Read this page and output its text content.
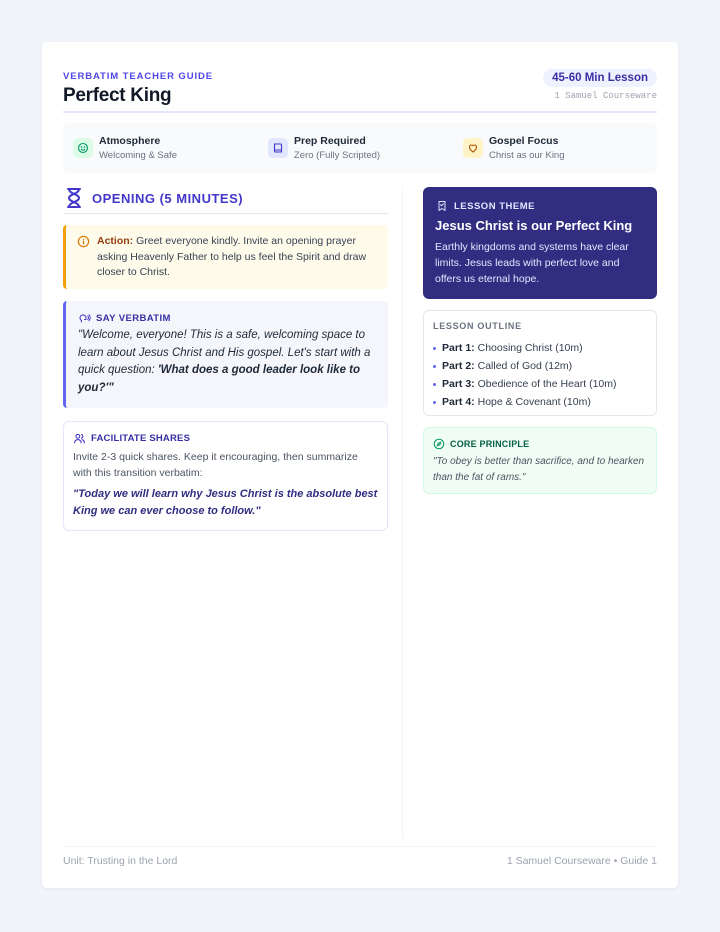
VERBATIM TEACHER GUIDE
Perfect King
45-60 Min Lesson
1 Samuel Courseware
Atmosphere
Welcoming & Safe
Prep Required
Zero (Fully Scripted)
Gospel Focus
Christ as our King
OPENING (5 MINUTES)
Action: Greet everyone kindly. Invite an opening prayer asking Heavenly Father to help us feel the Spirit and draw closer to Christ.
SAY VERBATIM
"Welcome, everyone! This is a safe, welcoming space to learn about Jesus Christ and His gospel. Let's start with a quick question: 'What does a good leader look like to you?'"
FACILITATE SHARES
Invite 2-3 quick shares. Keep it encouraging, then summarize with this transition verbatim:
"Today we will learn why Jesus Christ is the absolute best King we can ever choose to follow."
LESSON THEME
Jesus Christ is our Perfect King
Earthly kingdoms and systems have clear limits. Jesus leads with perfect love and offers us eternal hope.
LESSON OUTLINE
Part 1: Choosing Christ (10m)
Part 2: Called of God (12m)
Part 3: Obedience of the Heart (10m)
Part 4: Hope & Covenant (10m)
CORE PRINCIPLE
"To obey is better than sacrifice, and to hearken than the fat of rams."
Unit: Trusting in the Lord	1 Samuel Courseware • Guide 1
